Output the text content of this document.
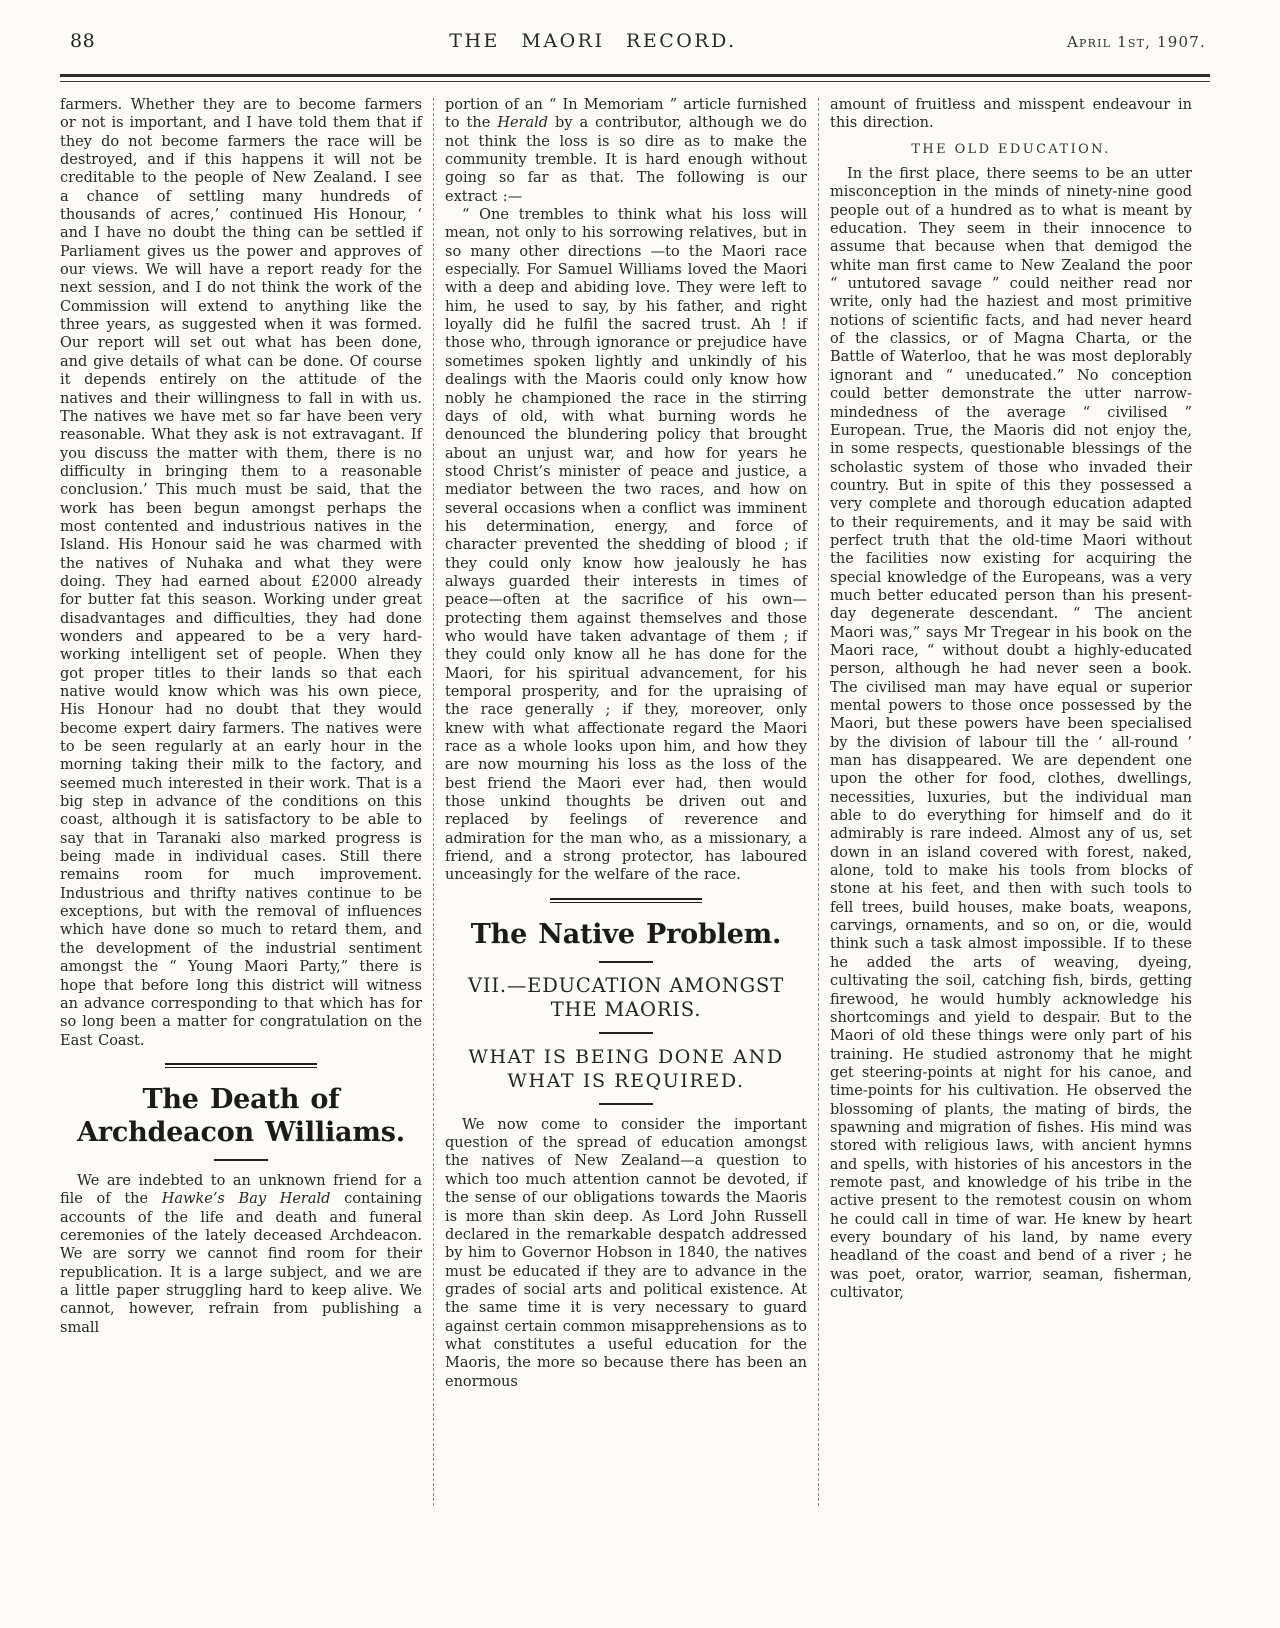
88	THE MAORI RECORD.	April 1st, 1907.

farmers. Whether they are to become farmers or not is important, and I have told them that if they do not become farmers the race will be destroyed, and if this happens it will not be creditable to the people of New Zealand. I see a chance of settling many hundreds of thousands of acres,’ continued His Honour, ‘ and I have no doubt the thing can be settled if Parliament gives us the power and approves of our views. We will have a report ready for the next session, and I do not think the work of the Commission will extend to anything like the three years, as suggested when it was formed. Our report will set out what has been done, and give details of what can be done. Of course it depends entirely on the attitude of the natives and their willingness to fall in with us. The natives we have met so far have been very reasonable. What they ask is not extravagant. If you discuss the matter with them, there is no difficulty in bringing them to a reasonable conclusion.’ This much must be said, that the work has been begun amongst perhaps the most contented and industrious natives in the Island. His Honour said he was charmed with the natives of Nuhaka and what they were doing. They had earned about £2000 already for butter fat this season. Working under great disadvantages and difficulties, they had done wonders and appeared to be a very hard-working intelligent set of people. When they got proper titles to their lands so that each native would know which was his own piece, His Honour had no doubt that they would become expert dairy farmers. The natives were to be seen regularly at an early hour in the morning taking their milk to the factory, and seemed much interested in their work. That is a big step in advance of the conditions on this coast, although it is satisfactory to be able to say that in Taranaki also marked progress is being made in individual cases. Still there remains room for much improvement. Industrious and thrifty natives continue to be exceptions, but with the removal of influences which have done so much to retard them, and the development of the industrial sentiment amongst the “ Young Maori Party,” there is hope that before long this district will witness an advance corresponding to that which has for so long been a matter for congratulation on the East Coast.

The Death of Archdeacon Williams.

We are indebted to an unknown friend for a file of the Hawke’s Bay Herald containing accounts of the life and death and funeral ceremonies of the lately deceased Archdeacon. We are sorry we cannot find room for their republication. It is a large subject, and we are a little paper struggling hard to keep alive. We cannot, however, refrain from publishing a small

portion of an “ In Memoriam ” article furnished to the Herald by a contributor, although we do not think the loss is so dire as to make the community tremble. It is hard enough without going so far as that. The following is our extract :—

“ One trembles to think what his loss will mean, not only to his sorrowing relatives, but in so many other directions —to the Maori race especially. For Samuel Williams loved the Maori with a deep and abiding love. They were left to him, he used to say, by his father, and right loyally did he fulfil the sacred trust. Ah ! if those who, through ignorance or prejudice have sometimes spoken lightly and unkindly of his dealings with the Maoris could only know how nobly he championed the race in the stirring days of old, with what burning words he denounced the blundering policy that brought about an unjust war, and how for years he stood Christ’s minister of peace and justice, a mediator between the two races, and how on several occasions when a conflict was imminent his determination, energy, and force of character prevented the shedding of blood ; if they could only know how jealously he has always guarded their interests in times of peace—often at the sacrifice of his own—protecting them against themselves and those who would have taken advantage of them ; if they could only know all he has done for the Maori, for his spiritual advancement, for his temporal prosperity, and for the upraising of the race generally ; if they, moreover, only knew with what affectionate regard the Maori race as a whole looks upon him, and how they are now mourning his loss as the loss of the best friend the Maori ever had, then would those unkind thoughts be driven out and replaced by feelings of reverence and admiration for the man who, as a missionary, a friend, and a strong protector, has laboured unceasingly for the welfare of the race.

The Native Problem.
VII.—EDUCATION AMONGST THE MAORIS.
WHAT IS BEING DONE AND WHAT IS REQUIRED.

We now come to consider the important question of the spread of education amongst the natives of New Zealand—a question to which too much attention cannot be devoted, if the sense of our obligations towards the Maoris is more than skin deep. As Lord John Russell declared in the remarkable despatch addressed by him to Governor Hobson in 1840, the natives must be educated if they are to advance in the grades of social arts and political existence. At the same time it is very necessary to guard against certain common misapprehensions as to what constitutes a useful education for the Maoris, the more so because there has been an enormous

amount of fruitless and misspent endeavour in this direction.

THE OLD EDUCATION.

In the first place, there seems to be an utter misconception in the minds of ninety-nine good people out of a hundred as to what is meant by education. They seem in their innocence to assume that because when that demigod the white man first came to New Zealand the poor “ untutored savage ” could neither read nor write, only had the haziest and most primitive notions of scientific facts, and had never heard of the classics, or of Magna Charta, or the Battle of Waterloo, that he was most deplorably ignorant and “ uneducated.” No conception could better demonstrate the utter narrow-mindedness of the average “ civilised ” European. True, the Maoris did not enjoy the, in some respects, questionable blessings of the scholastic system of those who invaded their country. But in spite of this they possessed a very complete and thorough education adapted to their requirements, and it may be said with perfect truth that the old-time Maori without the facilities now existing for acquiring the special knowledge of the Europeans, was a very much better educated person than his present-day degenerate descendant. “ The ancient Maori was,” says Mr Tregear in his book on the Maori race, “ without doubt a highly-educated person, although he had never seen a book. The civilised man may have equal or superior mental powers to those once possessed by the Maori, but these powers have been specialised by the division of labour till the ‘ all-round ’ man has disappeared. We are dependent one upon the other for food, clothes, dwellings, necessities, luxuries, but the individual man able to do everything for himself and do it admirably is rare indeed. Almost any of us, set down in an island covered with forest, naked, alone, told to make his tools from blocks of stone at his feet, and then with such tools to fell trees, build houses, make boats, weapons, carvings, ornaments, and so on, or die, would think such a task almost impossible. If to these he added the arts of weaving, dyeing, cultivating the soil, catching fish, birds, getting firewood, he would humbly acknowledge his shortcomings and yield to despair. But to the Maori of old these things were only part of his training. He studied astronomy that he might get steering-points at night for his canoe, and time-points for his cultivation. He observed the blossoming of plants, the mating of birds, the spawning and migration of fishes. His mind was stored with religious laws, with ancient hymns and spells, with histories of his ancestors in the remote past, and knowledge of his tribe in the active present to the remotest cousin on whom he could call in time of war. He knew by heart every boundary of his land, by name every headland of the coast and bend of a river ; he was poet, orator, warrior, seaman, fisherman, cultivator,
